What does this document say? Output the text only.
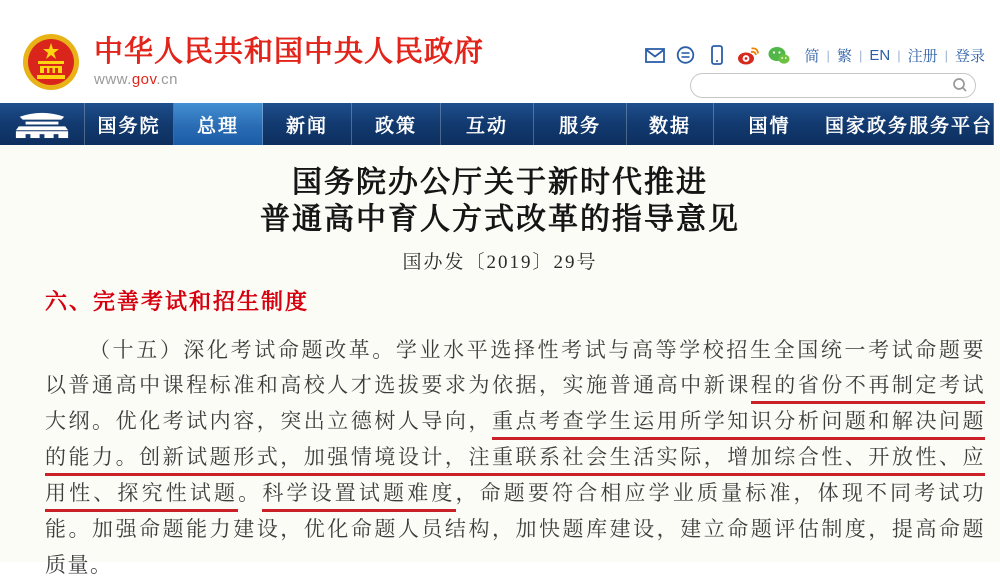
中华人民共和国中央人民政府
www.gov.cn
简 | 繁 | EN | 注册 | 登录
国务院	总理	新闻	政策	互动	服务	数据	国情	国家政务服务平台
国务院办公厅关于新时代推进
普通高中育人方式改革的指导意见
国办发〔2019〕29号
六、完善考试和招生制度
（十五）深化考试命题改革。学业水平选择性考试与高等学校招生全国统一考试命题要
以普通高中课程标准和高校人才选拔要求为依据，实施普通高中新课程的省份不再制定考试
大纲。优化考试内容，突出立德树人导向，重点考查学生运用所学知识分析问题和解决问题
的能力。创新试题形式，加强情境设计，注重联系社会生活实际，增加综合性、开放性、应
用性、探究性试题。科学设置试题难度，命题要符合相应学业质量标准，体现不同考试功
能。加强命题能力建设，优化命题人员结构，加快题库建设，建立命题评估制度，提高命题
质量。
